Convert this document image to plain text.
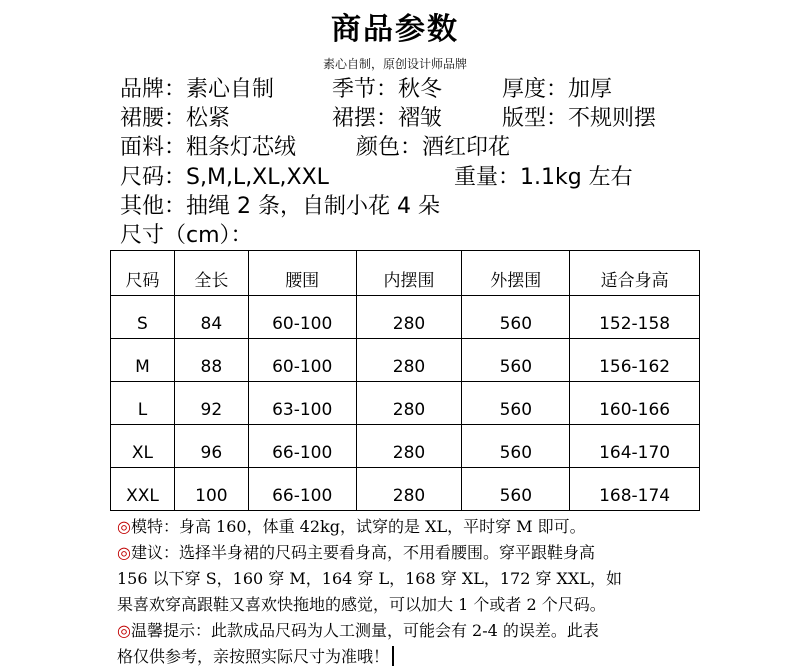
商品参数
素心自制，原创设计师品牌
品牌：素心自制	季节：秋冬	厚度：加厚
裙腰：松紧	裙摆：褶皱	版型：不规则摆
面料：粗条灯芯绒	颜色：酒红印花
尺码：S,M,L,XL,XXL	重量：1.1kg 左右
其他：抽绳 2 条，自制小花 4 朵
尺寸（cm）：
尺码	全长	腰围	内摆围	外摆围	适合身高
S	84	60-100	280	560	152-158
M	88	60-100	280	560	156-162
L	92	63-100	280	560	160-166
XL	96	66-100	280	560	164-170
XXL	100	66-100	280	560	168-174

◎模特：身高 160，体重 42kg，试穿的是 XL，平时穿 M 即可。

◎建议：选择半身裙的尺码主要看身高，不用看腰围。穿平跟鞋身高

156 以下穿 S，160 穿 M，164 穿 L，168 穿 XL，172 穿 XXL，如

果喜欢穿高跟鞋又喜欢快拖地的感觉，可以加大 1 个或者 2 个尺码。

◎温馨提示：此款成品尺码为人工测量，可能会有 2-4 的误差。此表

格仅供参考，亲按照实际尺寸为准哦！
